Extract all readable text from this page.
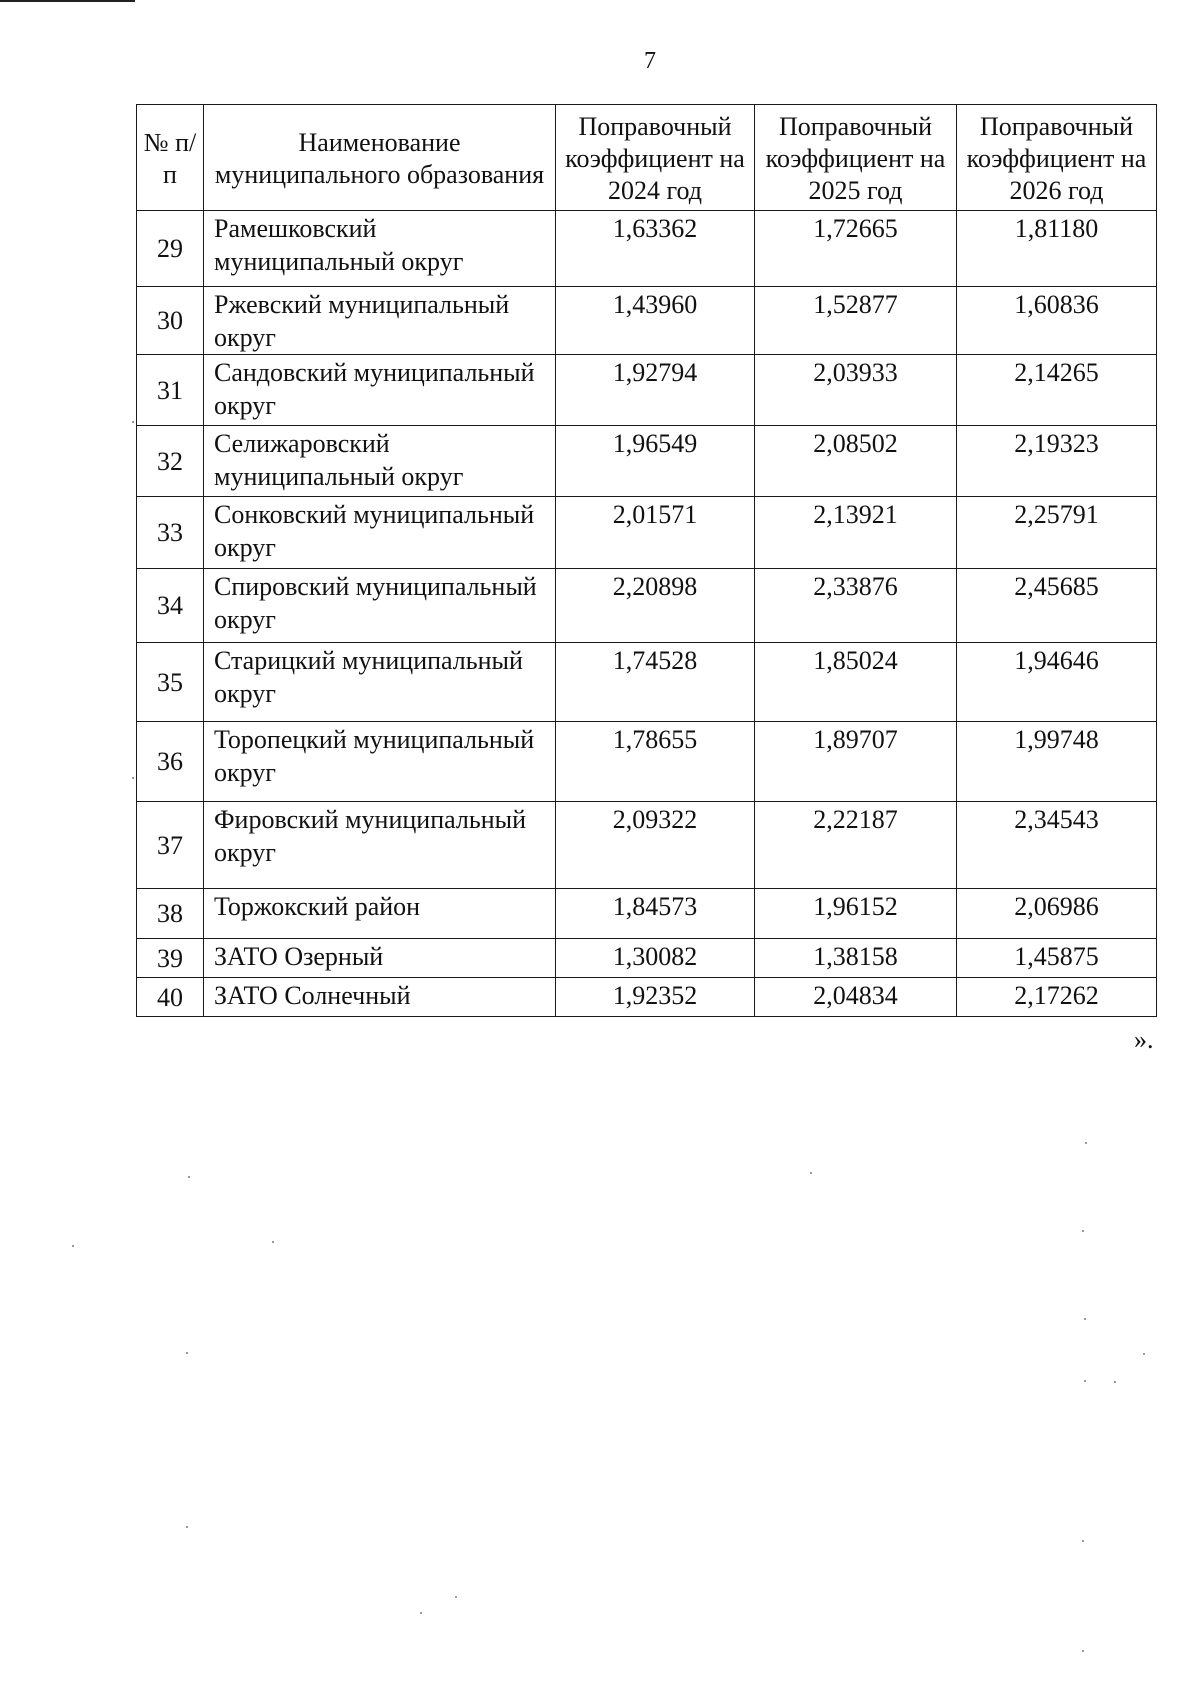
7
№ п/п	Наименование муниципального образования	Поправочный коэффициент на 2024 год	Поправочный коэффициент на 2025 год	Поправочный коэффициент на 2026 год
29	Рамешковский муниципальный округ	1,63362	1,72665	1,81180
30	Ржевский муниципальный округ	1,43960	1,52877	1,60836
31	Сандовский муниципальный округ	1,92794	2,03933	2,14265
32	Селижаровский муниципальный округ	1,96549	2,08502	2,19323
33	Сонковский муниципальный округ	2,01571	2,13921	2,25791
34	Спировский муниципальный округ	2,20898	2,33876	2,45685
35	Старицкий муниципальный округ	1,74528	1,85024	1,94646
36	Торопецкий муниципальный округ	1,78655	1,89707	1,99748
37	Фировский муниципальный округ	2,09322	2,22187	2,34543
38	Торжокский район	1,84573	1,96152	2,06986
39	ЗАТО Озерный	1,30082	1,38158	1,45875
40	ЗАТО Солнечный	1,92352	2,04834	2,17262
».
